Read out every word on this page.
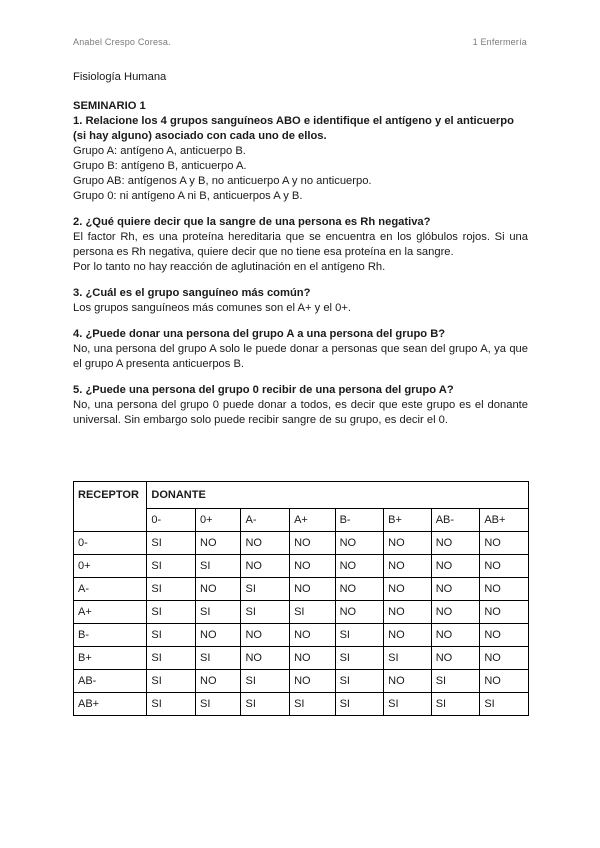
Anabel Crespo Coresa.	1 Enfermería

Fisiología Humana

SEMINARIO 1

1. Relacione los 4 grupos sanguíneos ABO e identifique el antígeno y el anticuerpo (si hay alguno) asociado con cada uno de ellos.

Grupo A: antígeno A, anticuerpo B.

Grupo B: antígeno B, anticuerpo A.

Grupo AB: antígenos A y B, no anticuerpo A y no anticuerpo.

Grupo 0: ni antígeno A ni B, anticuerpos A y B.

2. ¿Qué quiere decir que la sangre de una persona es Rh negativa?

El factor Rh, es una proteína hereditaria que se encuentra en los glóbulos rojos. Si una persona es Rh negativa, quiere decir que no tiene esa proteína en la sangre.

Por lo tanto no hay reacción de aglutinación en el antígeno Rh.

3. ¿Cuál es el grupo sanguíneo más común?

Los grupos sanguíneos más comunes son el A+ y el 0+.

4. ¿Puede donar una persona del grupo A a una persona del grupo B?

No, una persona del grupo A solo le puede donar a personas que sean del grupo A, ya que el grupo A presenta anticuerpos B.

5. ¿Puede una persona del grupo 0 recibir de una persona del grupo A?

No, una persona del grupo 0 puede donar a todos, es decir que este grupo es el donante universal. Sin embargo solo puede recibir sangre de su grupo, es decir el 0.

RECEPTOR	DONANTE							
	0-	0+	A-	A+	B-	B+	AB-	AB+
0-	SI	NO	NO	NO	NO	NO	NO	NO
0+	SI	SI	NO	NO	NO	NO	NO	NO
A-	SI	NO	SI	NO	NO	NO	NO	NO
A+	SI	SI	SI	SI	NO	NO	NO	NO
B-	SI	NO	NO	NO	SI	NO	NO	NO
B+	SI	SI	NO	NO	SI	SI	NO	NO
AB-	SI	NO	SI	NO	SI	NO	SI	NO
AB+	SI	SI	SI	SI	SI	SI	SI	SI
